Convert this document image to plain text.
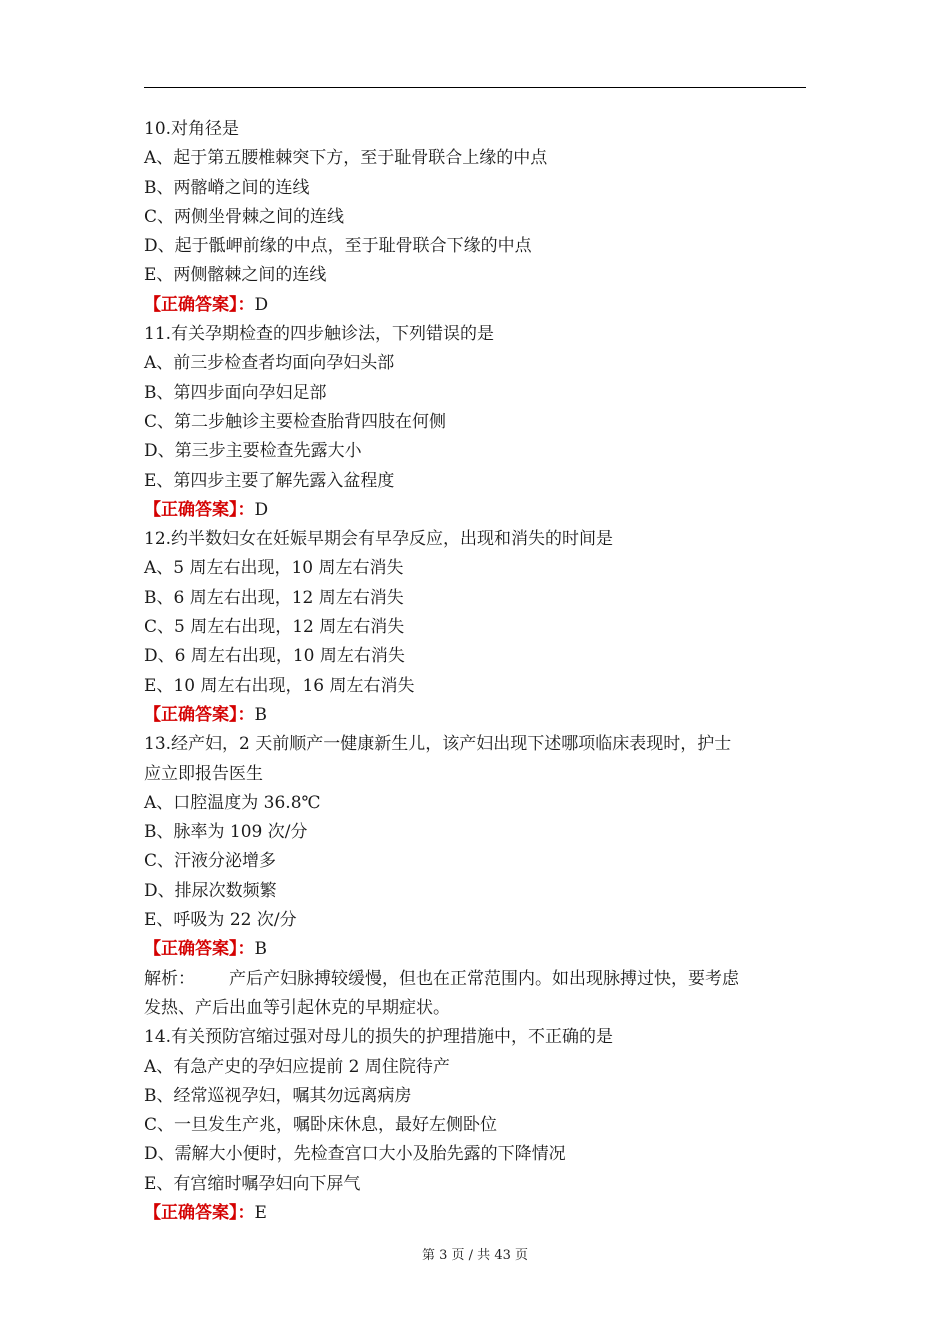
10.对角径是
A、起于第五腰椎棘突下方，至于耻骨联合上缘的中点
B、两髂嵴之间的连线
C、两侧坐骨棘之间的连线
D、起于骶岬前缘的中点，至于耻骨联合下缘的中点
E、两侧髂棘之间的连线
【正确答案】：D
11.有关孕期检查的四步触诊法，下列错误的是
A、前三步检查者均面向孕妇头部
B、第四步面向孕妇足部
C、第二步触诊主要检查胎背四肢在何侧
D、第三步主要检查先露大小
E、第四步主要了解先露入盆程度
【正确答案】：D
12.约半数妇女在妊娠早期会有早孕反应，出现和消失的时间是
A、5 周左右出现，10 周左右消失
B、6 周左右出现，12 周左右消失
C、5 周左右出现，12 周左右消失
D、6 周左右出现，10 周左右消失
E、10 周左右出现，16 周左右消失
【正确答案】：B
13.经产妇，2 天前顺产一健康新生儿，该产妇出现下述哪项临床表现时，护士
应立即报告医生
A、口腔温度为 36.8℃
B、脉率为 109 次/分
C、汗液分泌增多
D、排尿次数频繁
E、呼吸为 22 次/分
【正确答案】：B
解析： 产后产妇脉搏较缓慢，但也在正常范围内。如出现脉搏过快，要考虑
发热、产后出血等引起休克的早期症状。
14.有关预防宫缩过强对母儿的损失的护理措施中，不正确的是
A、有急产史的孕妇应提前 2 周住院待产
B、经常巡视孕妇，嘱其勿远离病房
C、一旦发生产兆，嘱卧床休息，最好左侧卧位
D、需解大小便时，先检查宫口大小及胎先露的下降情况
E、有宫缩时嘱孕妇向下屏气
【正确答案】：E
第 3 页 / 共 43 页
